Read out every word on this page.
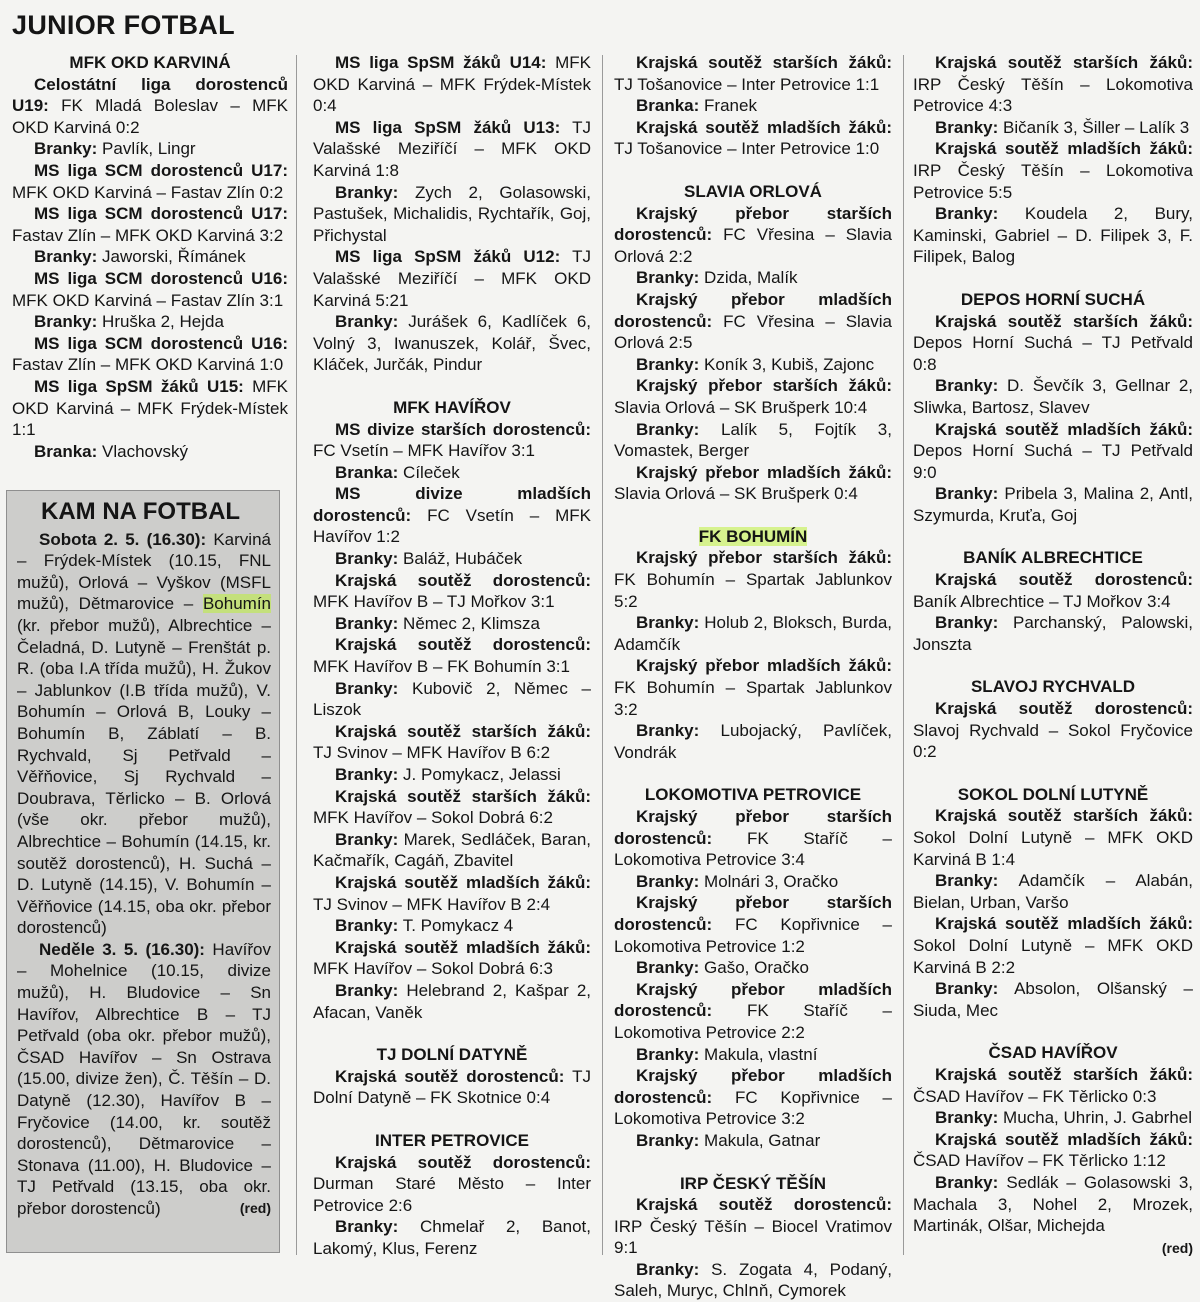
JUNIOR FOTBAL
MFK OKD KARVINÁ

Celostátní liga dorostenců U19: FK Mladá Boleslav – MFK OKD Karviná 0:2

Branky: Pavlík, Lingr

MS liga SCM dorostenců U17: MFK OKD Karviná – Fastav Zlín 0:2

MS liga SCM dorostenců U17: Fastav Zlín – MFK OKD Karviná 3:2

Branky: Jaworski, Římánek

MS liga SCM dorostenců U16: MFK OKD Karviná – Fastav Zlín 3:1

Branky: Hruška 2, Hejda

MS liga SCM dorostenců U16: Fastav Zlín – MFK OKD Karviná 1:0

MS liga SpSM žáků U15: MFK OKD Karviná – MFK Frýdek-Místek 1:1

Branka: Vlachovský

KAM NA FOTBAL

Sobota 2. 5. (16.30): Karviná – Frýdek-Místek (10.15, FNL mužů), Orlová – Vyškov (MSFL mužů), Dětmarovice – Bohumín (kr. přebor mužů), Albrechtice – Čeladná, D. Lutyně – Frenštát p. R. (oba I.A třída mužů), H. Žukov – Jablunkov (I.B třída mužů), V. Bohumín – Orlová B, Louky – Bohumín B, Záblatí – B. Rychvald, Sj Petřvald – Věřňovice, Sj Rychvald – Doubrava, Těrlicko – B. Orlová (vše okr. přebor mužů), Albrechtice – Bohumín (14.15, kr. soutěž dorostenců), H. Suchá – D. Lutyně (14.15), V. Bohumín – Věřňovice (14.15, oba okr. přebor dorostenců)

Neděle 3. 5. (16.30): Havířov – Mohelnice (10.15, divize mužů), H. Bludovice – Sn Havířov, Albrechtice B – TJ Petřvald (oba okr. přebor mužů), ČSAD Havířov – Sn Ostrava (15.00, divize žen), Č. Těšín – D. Datyně (12.30), Havířov B – Fryčovice (14.00, kr. soutěž dorostenců), Dětmarovice – Stonava (11.00), H. Bludovice – TJ Petřvald (13.15, oba okr. přebor dorostenců)	(red)

MS liga SpSM žáků U14: MFK OKD Karviná – MFK Frýdek-Místek 0:4

MS liga SpSM žáků U13: TJ Valašské Meziříčí – MFK OKD Karviná 1:8

Branky: Zych 2, Golasowski, Pastušek, Michalidis, Rychtařík, Goj, Přichystal

MS liga SpSM žáků U12: TJ Valašské Meziříčí – MFK OKD Karviná 5:21

Branky: Jurášek 6, Kadlíček 6, Volný 3, Iwanuszek, Kolář, Švec, Kláček, Jurčák, Pindur

MFK HAVÍŘOV

MS divize starších dorostenců: FC Vsetín – MFK Havířov 3:1

Branka: Cíleček

MS divize mladších dorostenců: FC Vsetín – MFK Havířov 1:2

Branky: Baláž, Hubáček

Krajská soutěž dorostenců: MFK Havířov B – TJ Mořkov 3:1

Branky: Němec 2, Klimsza

Krajská soutěž dorostenců: MFK Havířov B – FK Bohumín 3:1

Branky: Kubovič 2, Němec – Liszok

Krajská soutěž starších žáků: TJ Svinov – MFK Havířov B 6:2

Branky: J. Pomykacz, Jelassi

Krajská soutěž starších žáků: MFK Havířov – Sokol Dobrá 6:2

Branky: Marek, Sedláček, Baran, Kačmařík, Cagáň, Zbavitel

Krajská soutěž mladších žáků: TJ Svinov – MFK Havířov B 2:4

Branky: T. Pomykacz 4

Krajská soutěž mladších žáků: MFK Havířov – Sokol Dobrá 6:3

Branky: Helebrand 2, Kašpar 2, Afacan, Vaněk

TJ DOLNÍ DATYNĚ

Krajská soutěž dorostenců: TJ Dolní Datyně – FK Skotnice 0:4

INTER PETROVICE

Krajská soutěž dorostenců: Durman Staré Město – Inter Petrovice 2:6

Branky: Chmelař 2, Banot, Lakomý, Klus, Ferenz

Krajská soutěž starších žáků: TJ Tošanovice – Inter Petrovice 1:1

Branka: Franek

Krajská soutěž mladších žáků: TJ Tošanovice – Inter Petrovice 1:0

SLAVIA ORLOVÁ

Krajský přebor starších dorostenců: FC Vřesina – Slavia Orlová 2:2

Branky: Dzida, Malík

Krajský přebor mladších dorostenců: FC Vřesina – Slavia Orlová 2:5

Branky: Koník 3, Kubiš, Zajonc

Krajský přebor starších žáků: Slavia Orlová – SK Brušperk 10:4

Branky: Lalík 5, Fojtík 3, Vomastek, Berger

Krajský přebor mladších žáků: Slavia Orlová – SK Brušperk 0:4

FK BOHUMÍN

Krajský přebor starších žáků: FK Bohumín – Spartak Jablunkov 5:2

Branky: Holub 2, Bloksch, Burda, Adamčík

Krajský přebor mladších žáků: FK Bohumín – Spartak Jablunkov 3:2

Branky: Lubojacký, Pavlíček, Vondrák

LOKOMOTIVA PETROVICE

Krajský přebor starších dorostenců: FK Staříč – Lokomotiva Petrovice 3:4

Branky: Molnári 3, Oračko

Krajský přebor starších dorostenců: FC Kopřivnice – Lokomotiva Petrovice 1:2

Branky: Gašo, Oračko

Krajský přebor mladších dorostenců: FK Staříč – Lokomotiva Petrovice 2:2

Branky: Makula, vlastní

Krajský přebor mladších dorostenců: FC Kopřivnice – Lokomotiva Petrovice 3:2

Branky: Makula, Gatnar

IRP ČESKÝ TĚŠÍN

Krajská soutěž dorostenců: IRP Český Těšín – Biocel Vratimov 9:1

Branky: S. Zogata 4, Podaný, Saleh, Muryc, Chlոň, Cymorek

Krajská soutěž starších žáků: IRP Český Těšín – Lokomotiva Petrovice 4:3

Branky: Bičaník 3, Šiller – Lalík 3

Krajská soutěž mladších žáků: IRP Český Těšín – Lokomotiva Petrovice 5:5

Branky: Koudela 2, Bury, Kaminski, Gabriel – D. Filipek 3, F. Filipek, Balog

DEPOS HORNÍ SUCHÁ

Krajská soutěž starších žáků: Depos Horní Suchá – TJ Petřvald 0:8

Branky: D. Ševčík 3, Gellnar 2, Sliwka, Bartosz, Slavev

Krajská soutěž mladších žáků: Depos Horní Suchá – TJ Petřvald 9:0

Branky: Pribela 3, Malina 2, Antl, Szymurda, Kruťa, Goj

BANÍK ALBRECHTICE

Krajská soutěž dorostenců: Baník Albrechtice – TJ Mořkov 3:4

Branky: Parchanský, Palowski, Jonszta

SLAVOJ RYCHVALD

Krajská soutěž dorostenců: Slavoj Rychvald – Sokol Fryčovice 0:2

SOKOL DOLNÍ LUTYNĚ

Krajská soutěž starších žáků: Sokol Dolní Lutyně – MFK OKD Karviná B 1:4

Branky: Adamčík – Alabán, Bielan, Urban, Varšo

Krajská soutěž mladších žáků: Sokol Dolní Lutyně – MFK OKD Karviná B 2:2

Branky: Absolon, Olšanský – Siuda, Mec

ČSAD HAVÍŘOV

Krajská soutěž starších žáků: ČSAD Havířov – FK Těrlicko 0:3

Branky: Mucha, Uhrin, J. Gabrhel

Krajská soutěž mladších žáků: ČSAD Havířov – FK Těrlicko 1:12

Branky: Sedlák – Golasowski 3, Machala 3, Nohel 2, Mrozek, Martinák, Olšar, Michejda

(red)
